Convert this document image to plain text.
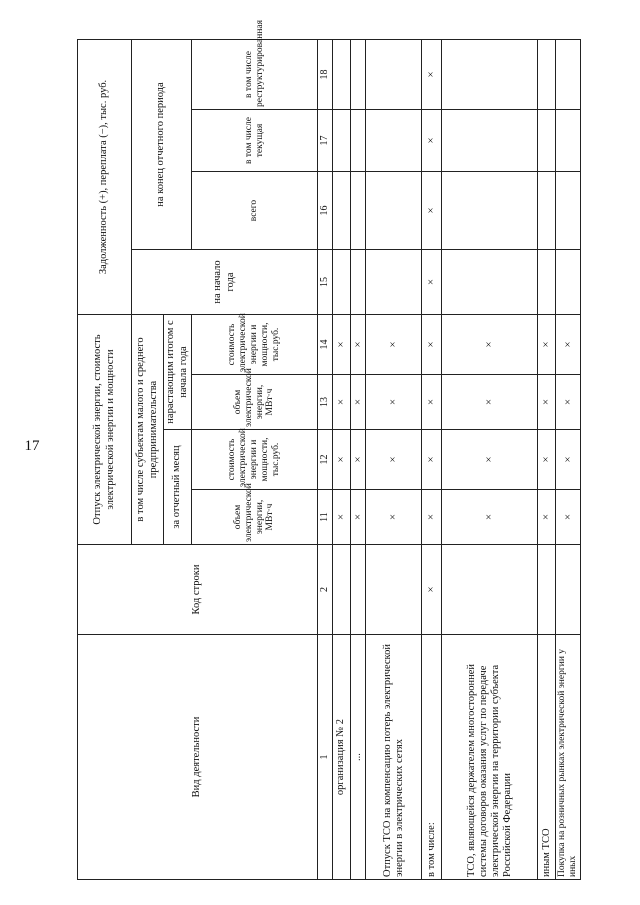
17
Вид деятельности	Код строки	Отпуск электрической энергии, стоимость электрической энергии и мощности				Задолженность (+), переплата (−), тыс. руб.			
		в том числе субъектам малого и среднего предпринимательства				на начало года	на конец отчетного периода		
		за отчетный месяц		нарастающим итогом с начала года					
		объем электрической энергии, МВт·ч	стоимость электрической энергии и мощности, тыс.руб.	объем электрической энергии, МВт·ч	стоимость электрической энергии и мощности, тыс.руб.		всего	в том числе текущая	в том числе реструктурированная
1	2	11	12	13	14	15	16	17	18
организация № 2		×	×	×	×				
...		×	×	×	×				
Отпуск ТСО на компенсацию потерь электрической энергии в электрических сетях		×	×	×	×				
в том числе:	×	×	×	×	×	×	×	×	×
ТСО, являющейся держателем многосторонней системы договоров оказания услуг по передаче электрической энергии на территории субъекта Российской Федерации		×	×	×	×				
иным ТСО		×	×	×	×				
Покупка на розничных рынках электрической энергии у иных		×	×	×	×				
